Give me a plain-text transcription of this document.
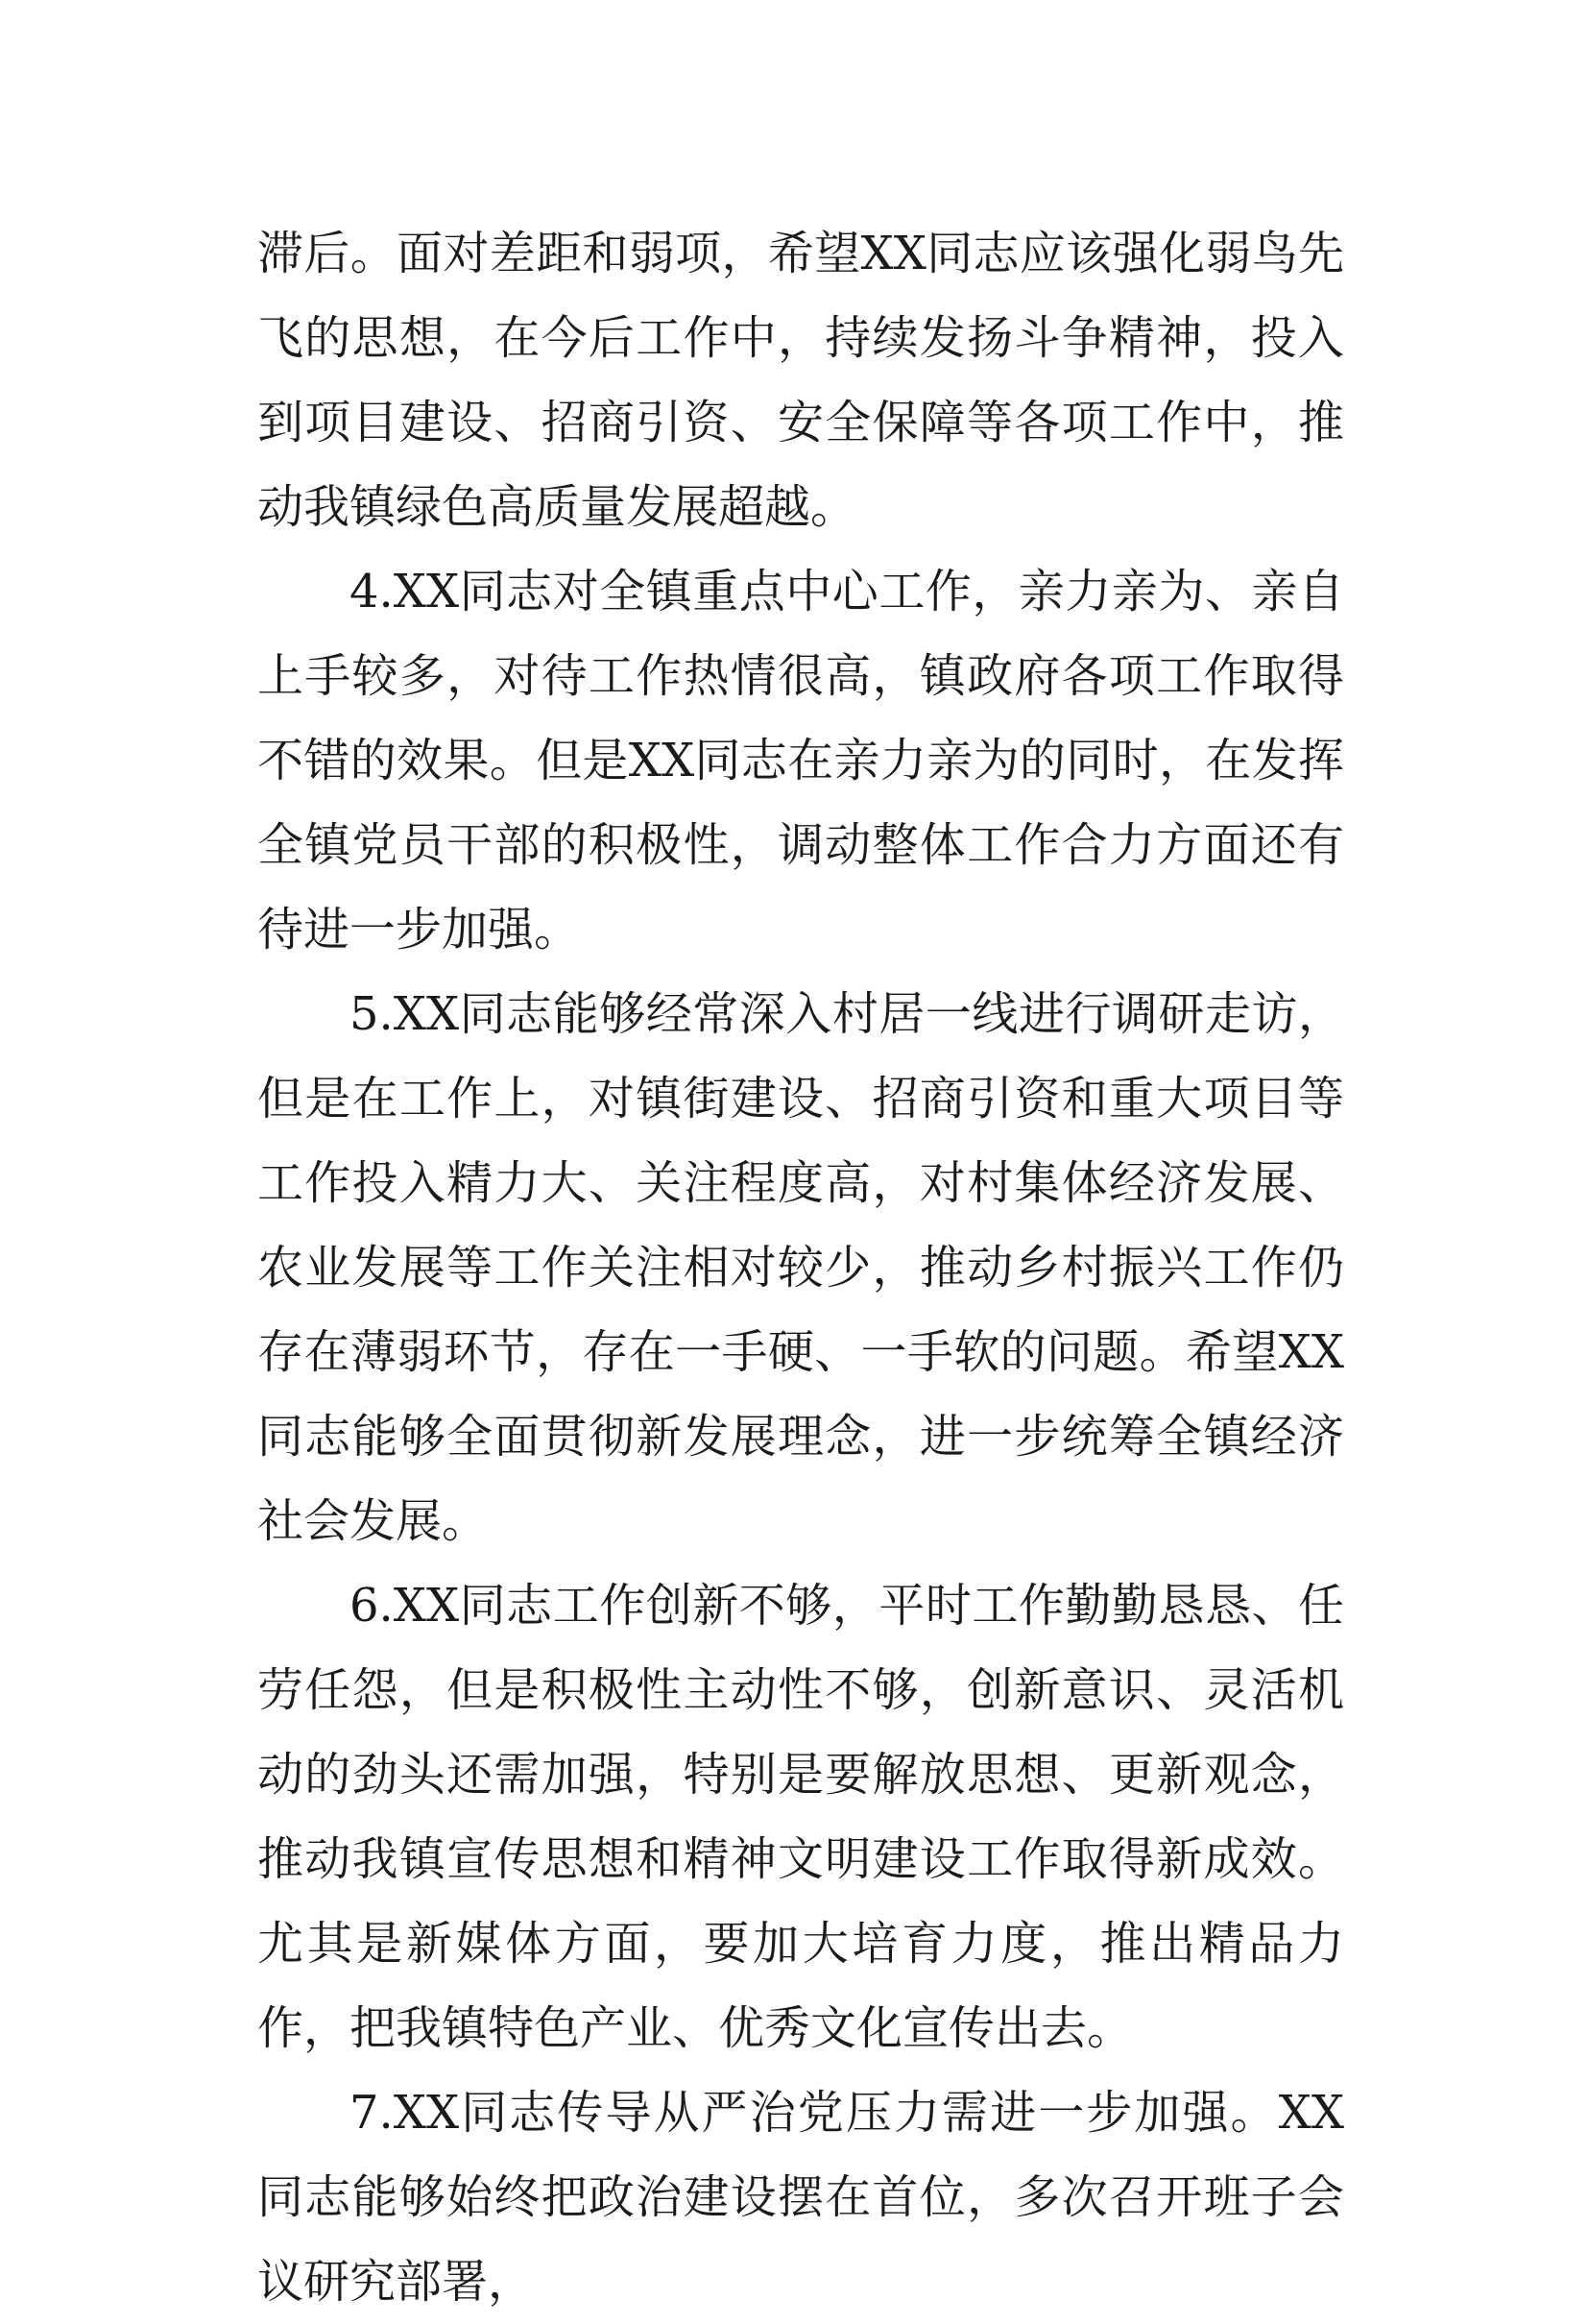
滞后。面对差距和弱项，希望XX同志应该强化弱鸟先飞的思想，在今后工作中，持续发扬斗争精神，投入到项目建设、招商引资、安全保障等各项工作中，推动我镇绿色高质量发展超越。

4.XX同志对全镇重点中心工作，亲力亲为、亲自上手较多，对待工作热情很高，镇政府各项工作取得不错的效果。但是XX同志在亲力亲为的同时，在发挥全镇党员干部的积极性，调动整体工作合力方面还有待进一步加强。

5.XX同志能够经常深入村居一线进行调研走访，但是在工作上，对镇街建设、招商引资和重大项目等工作投入精力大、关注程度高，对村集体经济发展、农业发展等工作关注相对较少，推动乡村振兴工作仍存在薄弱环节，存在一手硬、一手软的问题。希望XX同志能够全面贯彻新发展理念，进一步统筹全镇经济社会发展。

6.XX同志工作创新不够，平时工作勤勤恳恳、任劳任怨，但是积极性主动性不够，创新意识、灵活机动的劲头还需加强，特别是要解放思想、更新观念，推动我镇宣传思想和精神文明建设工作取得新成效。尤其是新媒体方面，要加大培育力度，推出精品力作，把我镇特色产业、优秀文化宣传出去。

7.XX同志传导从严治党压力需进一步加强。XX同志能够始终把政治建设摆在首位，多次召开班子会议研究部署，
